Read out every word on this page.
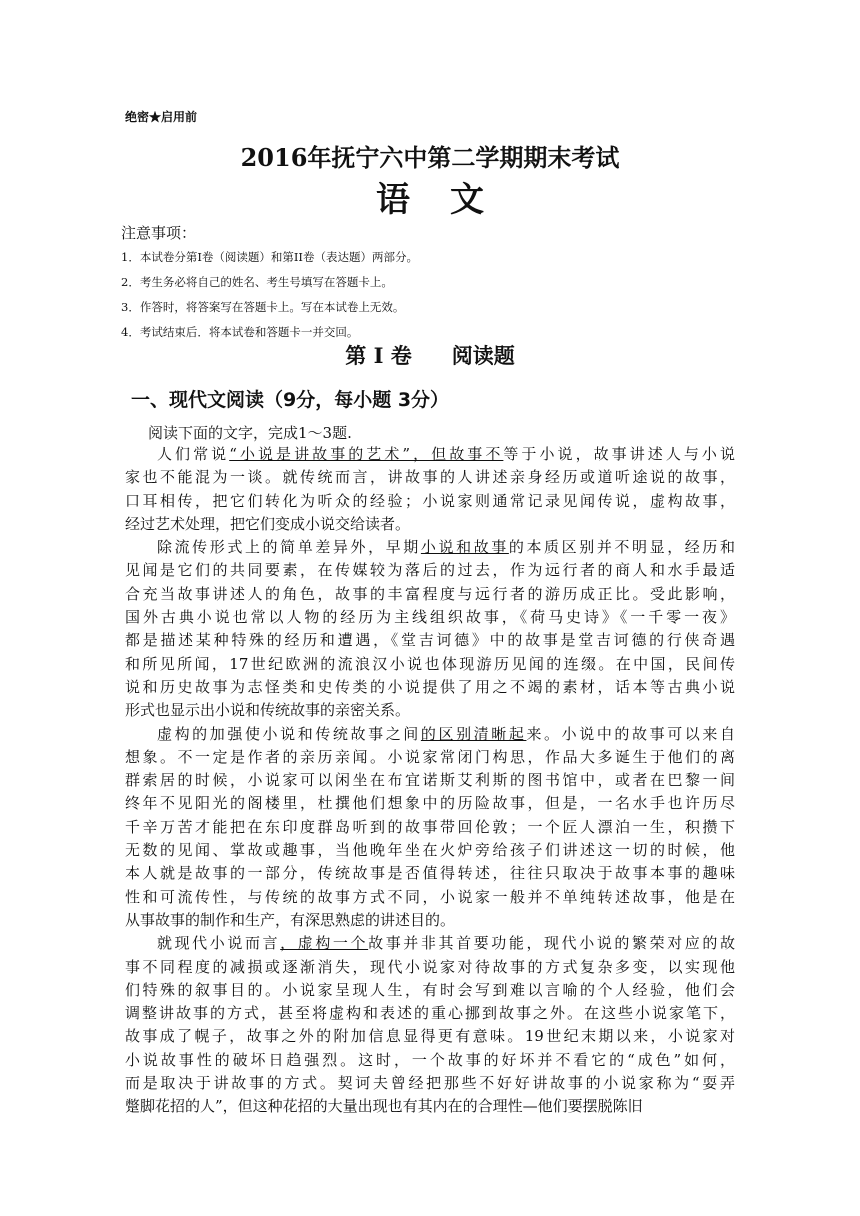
绝密★启用前
2016年抚宁六中第二学期期末考试
语文
注意事项：
1．本试卷分第I卷（阅读题）和第II卷（表达题）两部分。
2．考生务必将自己的姓名、考生号填写在答题卡上。
3．作答时，将答案写在答题卡上。写在本试卷上无效。
4．考试结束后．将本试卷和答题卡一并交回。
第 I 卷 阅读题
一、现代文阅读（9分，每小题 3分）
阅读下面的文字，完成1～3题.
人们常说“小说是讲故事的艺术”，但故事不等于小说，故事讲述人与小说
家也不能混为一谈。就传统而言，讲故事的人讲述亲身经历或道听途说的故事，
口耳相传，把它们转化为听众的经验；小说家则通常记录见闻传说，虚构故事，
经过艺术处理，把它们变成小说交给读者。
除流传形式上的简单差异外，早期小说和故事的本质区别并不明显，经历和
见闻是它们的共同要素，在传媒较为落后的过去，作为远行者的商人和水手最适
合充当故事讲述人的角色，故事的丰富程度与远行者的游历成正比。受此影响，
国外古典小说也常以人物的经历为主线组织故事，《荷马史诗》《一千零一夜》
都是描述某种特殊的经历和遭遇，《堂吉诃德》中的故事是堂吉诃德的行侠奇遇
和所见所闻，17世纪欧洲的流浪汉小说也体现游历见闻的连缀。在中国，民间传
说和历史故事为志怪类和史传类的小说提供了用之不竭的素材，话本等古典小说
形式也显示出小说和传统故事的亲密关系。
虚构的加强使小说和传统故事之间的区别清晰起来。小说中的故事可以来自
想象。不一定是作者的亲历亲闻。小说家常闭门构思，作品大多诞生于他们的离
群索居的时候，小说家可以闲坐在布宜诺斯艾利斯的图书馆中，或者在巴黎一间
终年不见阳光的阁楼里，杜撰他们想象中的历险故事，但是，一名水手也许历尽
千辛万苦才能把在东印度群岛听到的故事带回伦敦；一个匠人漂泊一生，积攒下
无数的见闻、掌故或趣事，当他晚年坐在火炉旁给孩子们讲述这一切的时候，他
本人就是故事的一部分，传统故事是否值得转述，往往只取决于故事本事的趣味
性和可流传性，与传统的故事方式不同，小说家一般并不单纯转述故事，他是在
从事故事的制作和生产，有深思熟虑的讲述目的。
就现代小说而言，虚构一个故事并非其首要功能，现代小说的繁荣对应的故
事不同程度的减损或逐渐消失，现代小说家对待故事的方式复杂多变，以实现他
们特殊的叙事目的。小说家呈现人生，有时会写到难以言喻的个人经验，他们会
调整讲故事的方式，甚至将虚构和表述的重心挪到故事之外。在这些小说家笔下，
故事成了幌子，故事之外的附加信息显得更有意味。19世纪末期以来，小说家对
小说故事性的破坏日趋强烈。这时，一个故事的好坏并不看它的“成色”如何，
而是取决于讲故事的方式。契诃夫曾经把那些不好好讲故事的小说家称为“耍弄
蹩脚花招的人”，但这种花招的大量出现也有其内在的合理性—他们要摆脱陈旧
